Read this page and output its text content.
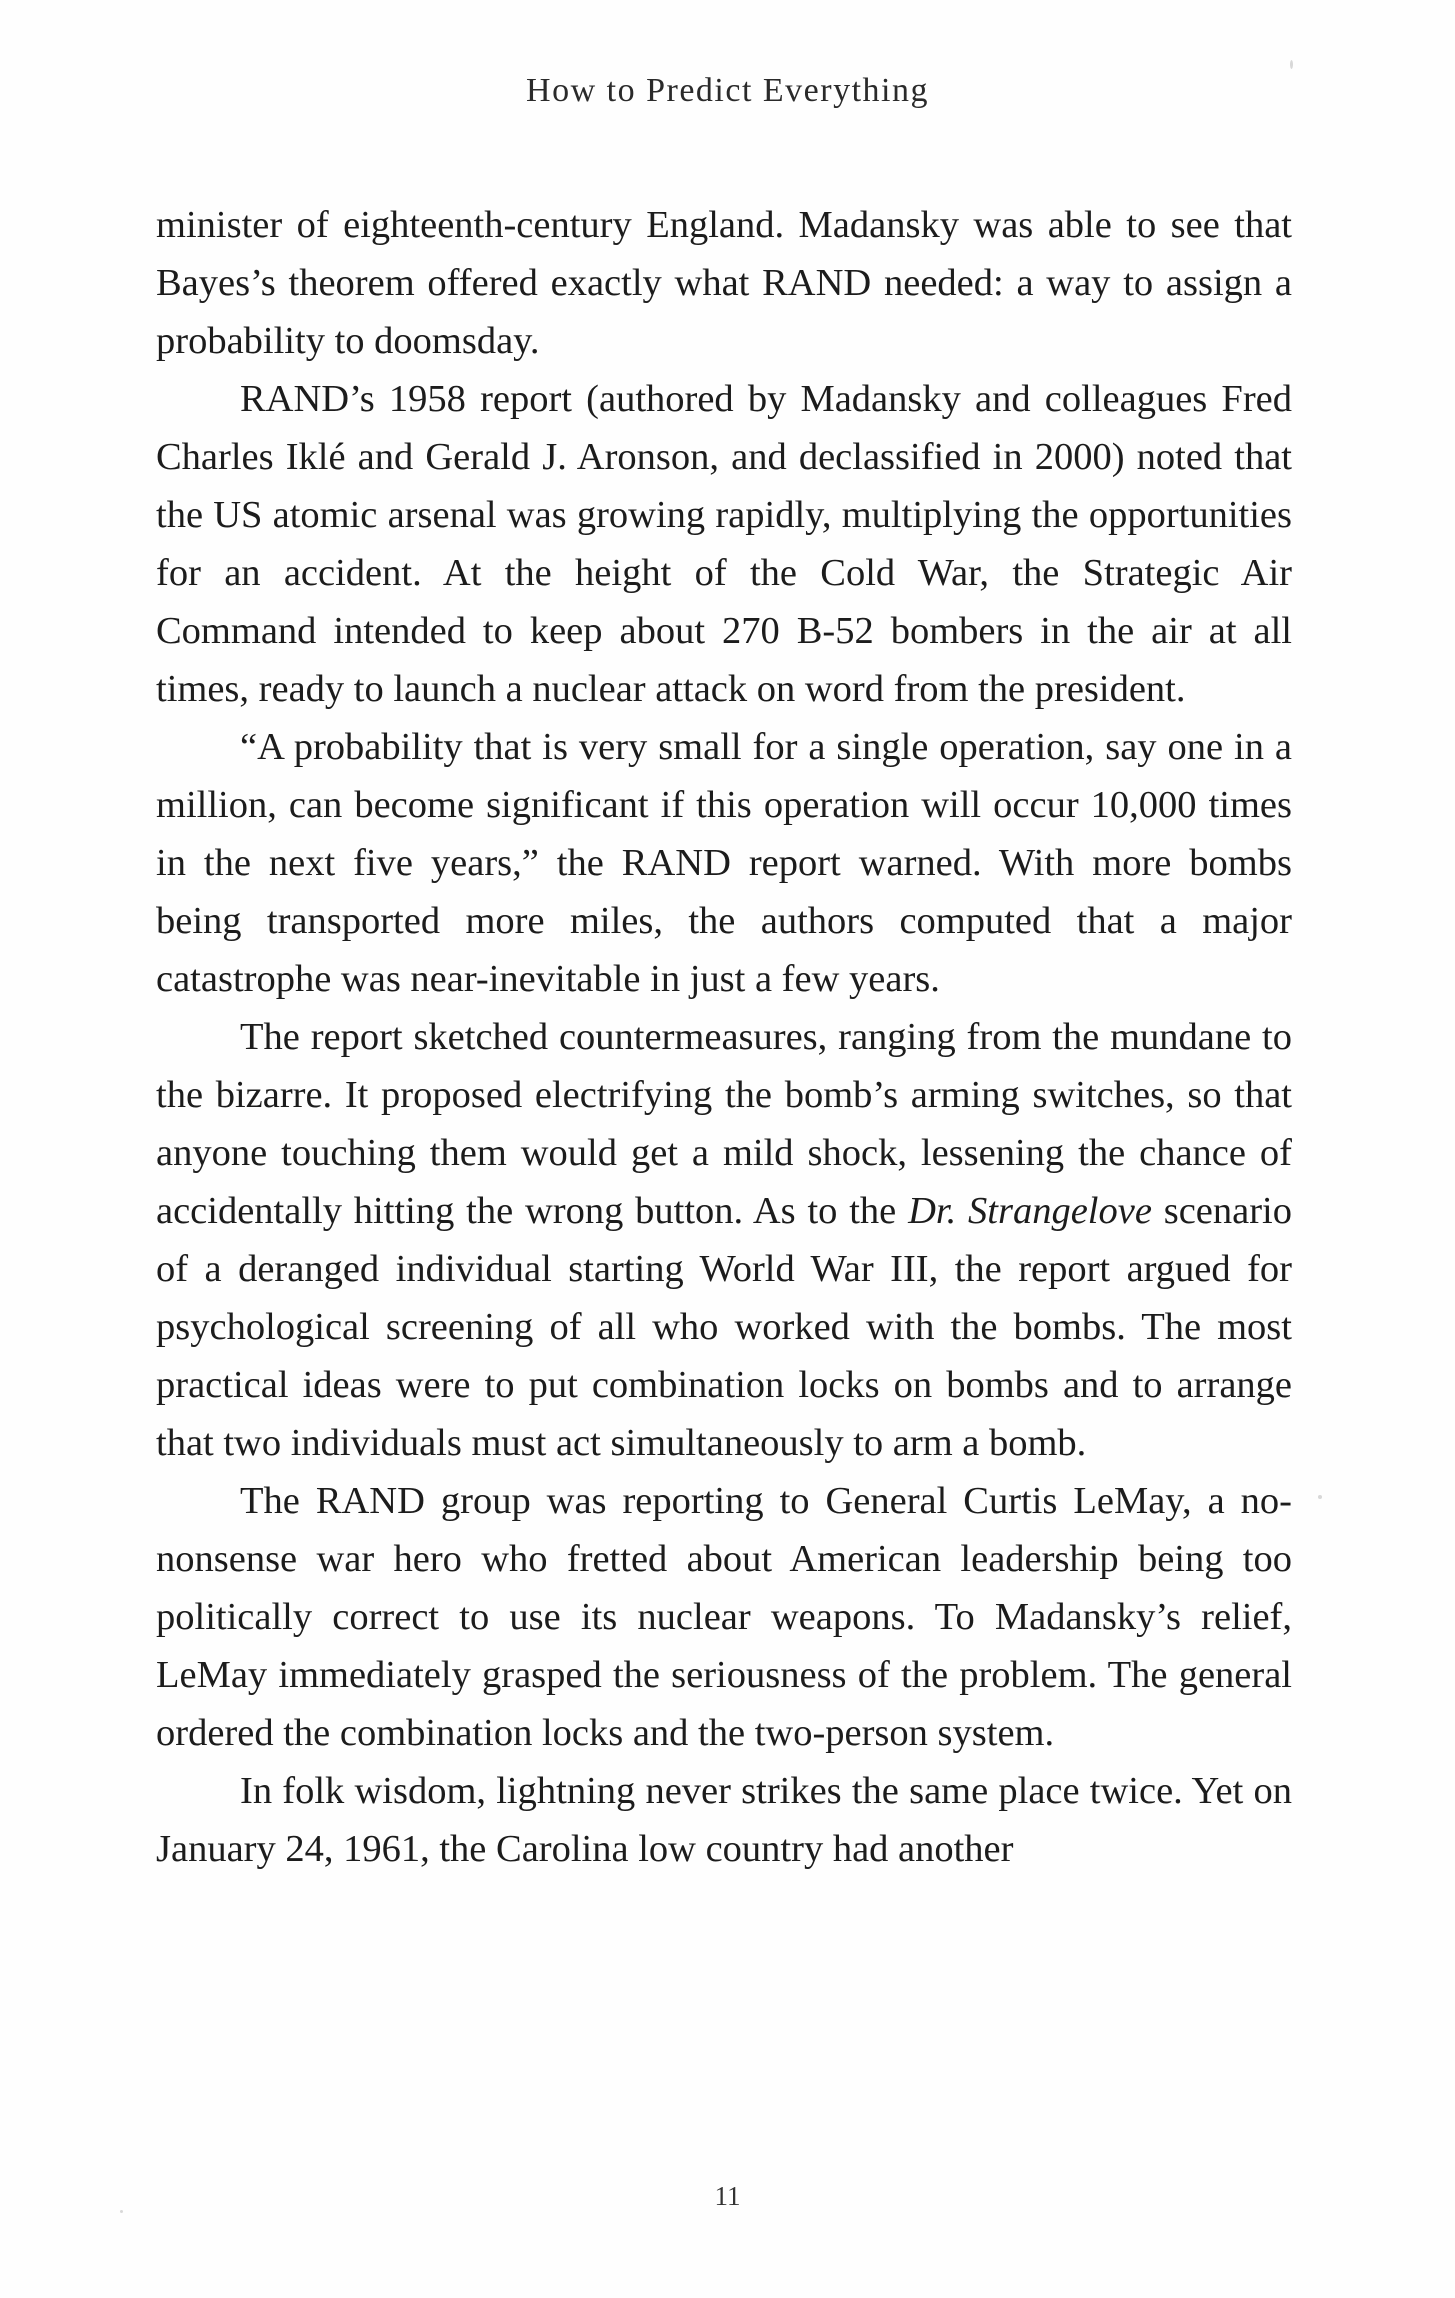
How to Predict Everything

minister of eighteenth-century England. Madansky was able to see that Bayes’s theorem offered exactly what RAND needed: a way to assign a probability to doomsday.

RAND’s 1958 report (authored by Madansky and colleagues Fred Charles Iklé and Gerald J. Aronson, and declassified in 2000) noted that the US atomic arsenal was growing rapidly, multiplying the opportunities for an accident. At the height of the Cold War, the Strategic Air Command intended to keep about 270 B-52 bombers in the air at all times, ready to launch a nuclear attack on word from the president.

“A probability that is very small for a single operation, say one in a million, can become significant if this operation will occur 10,000 times in the next five years,” the RAND report warned. With more bombs being transported more miles, the authors computed that a major catastrophe was near-inevitable in just a few years.

The report sketched countermeasures, ranging from the mundane to the bizarre. It proposed electrifying the bomb’s arming switches, so that anyone touching them would get a mild shock, lessening the chance of accidentally hitting the wrong button. As to the Dr. Strangelove scenario of a deranged individual starting World War III, the report argued for psychological screening of all who worked with the bombs. The most practical ideas were to put combination locks on bombs and to arrange that two individuals must act simultaneously to arm a bomb.

The RAND group was reporting to General Curtis LeMay, a no-nonsense war hero who fretted about American leadership being too politically correct to use its nuclear weapons. To Madansky’s relief, LeMay immediately grasped the seriousness of the problem. The general ordered the combination locks and the two-person system.

In folk wisdom, lightning never strikes the same place twice. Yet on January 24, 1961, the Carolina low country had another

11
